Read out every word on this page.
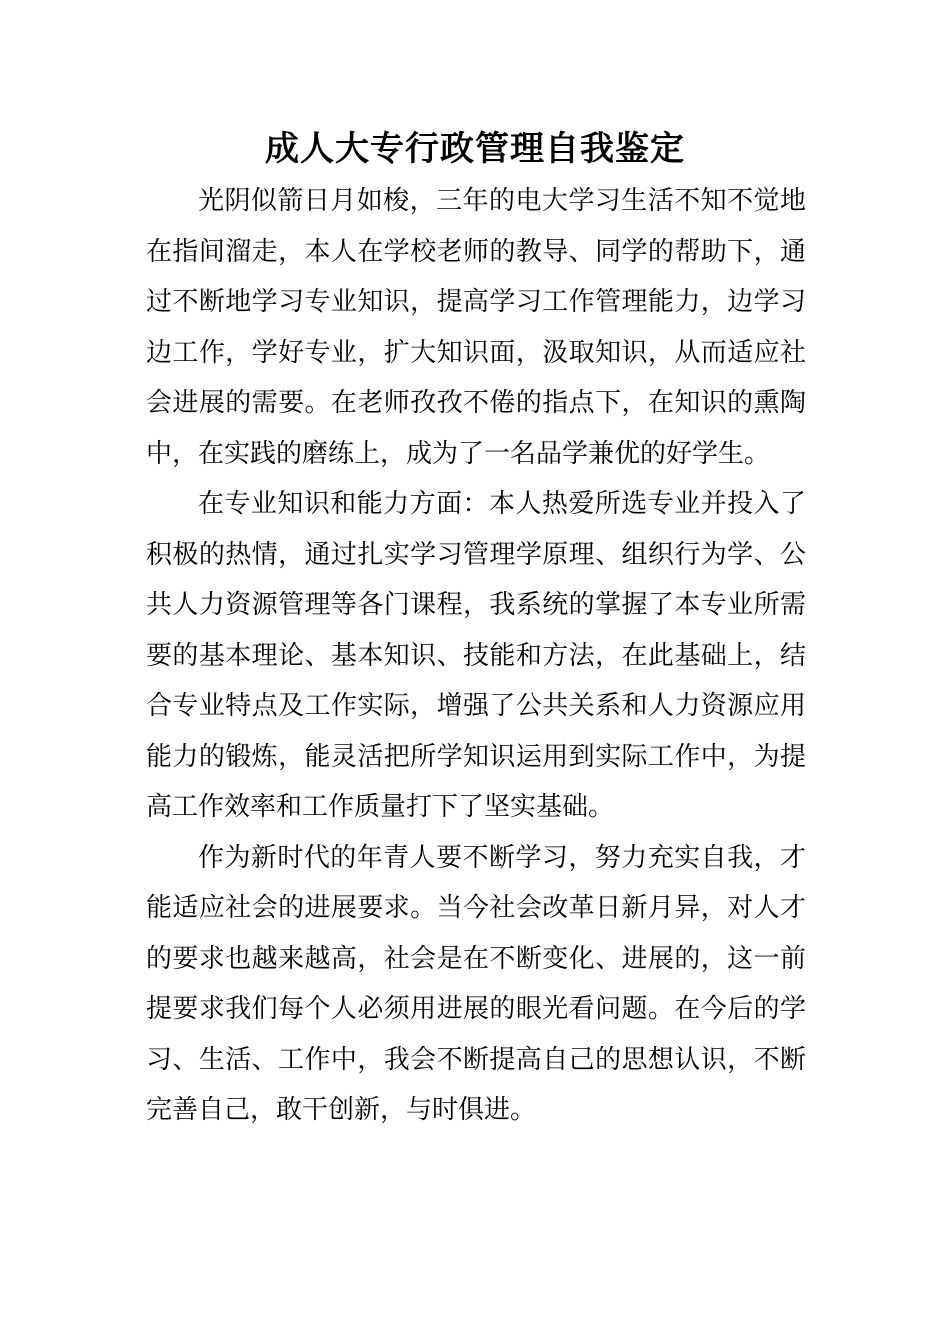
成人大专行政管理自我鉴定

光阴似箭日月如梭，三年的电大学习生活不知不觉地在指间溜走，本人在学校老师的教导、同学的帮助下，通过不断地学习专业知识，提高学习工作管理能力，边学习边工作，学好专业，扩大知识面，汲取知识，从而适应社会进展的需要。在老师孜孜不倦的指点下，在知识的熏陶中，在实践的磨练上，成为了一名品学兼优的好学生。

在专业知识和能力方面：本人热爱所选专业并投入了积极的热情，通过扎实学习管理学原理、组织行为学、公共人力资源管理等各门课程，我系统的掌握了本专业所需要的基本理论、基本知识、技能和方法，在此基础上，结合专业特点及工作实际，增强了公共关系和人力资源应用能力的锻炼，能灵活把所学知识运用到实际工作中，为提高工作效率和工作质量打下了坚实基础。

作为新时代的年青人要不断学习，努力充实自我，才能适应社会的进展要求。当今社会改革日新月异，对人才的要求也越来越高，社会是在不断变化、进展的，这一前提要求我们每个人必须用进展的眼光看问题。在今后的学习、生活、工作中，我会不断提高自己的思想认识，不断完善自己，敢干创新，与时俱进。
